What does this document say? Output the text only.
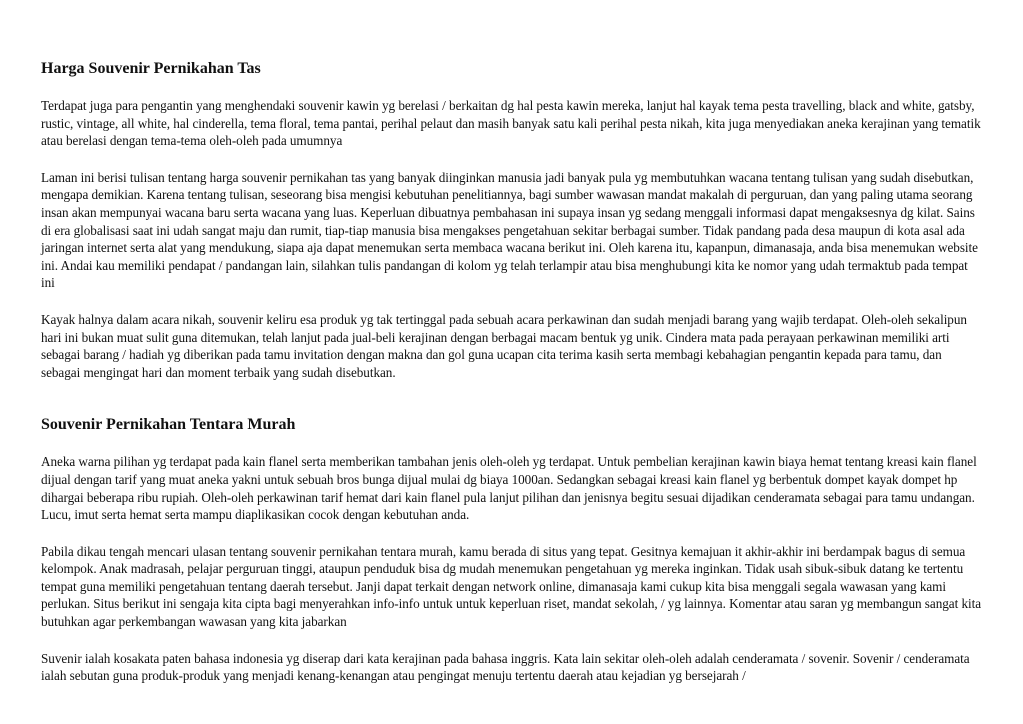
Harga Souvenir Pernikahan Tas

Terdapat juga para pengantin yang menghendaki souvenir kawin yg berelasi / berkaitan dg hal pesta kawin mereka, lanjut hal kayak tema pesta travelling, black and white, gatsby, rustic, vintage, all white, hal cinderella, tema floral, tema pantai, perihal pelaut dan masih banyak satu kali perihal pesta nikah, kita juga menyediakan aneka kerajinan yang tematik atau berelasi dengan tema-tema oleh-oleh pada umumnya

Laman ini berisi tulisan tentang harga souvenir pernikahan tas yang banyak diinginkan manusia jadi banyak pula yg membutuhkan wacana tentang tulisan yang sudah disebutkan, mengapa demikian. Karena tentang tulisan, seseorang bisa mengisi kebutuhan penelitiannya, bagi sumber wawasan mandat makalah di perguruan, dan yang paling utama seorang insan akan mempunyai wacana baru serta wacana yang luas. Keperluan dibuatnya pembahasan ini supaya insan yg sedang menggali informasi dapat mengaksesnya dg kilat. Sains di era globalisasi saat ini udah sangat maju dan rumit, tiap-tiap manusia bisa mengakses pengetahuan sekitar berbagai sumber. Tidak pandang pada desa maupun di kota asal ada jaringan internet serta alat yang mendukung, siapa aja dapat menemukan serta membaca wacana berikut ini. Oleh karena itu, kapanpun, dimanasaja, anda bisa menemukan website ini. Andai kau memiliki pendapat / pandangan lain, silahkan tulis pandangan di kolom yg telah terlampir atau bisa menghubungi kita ke nomor yang udah termaktub pada tempat ini

Kayak halnya dalam acara nikah, souvenir keliru esa produk yg tak tertinggal pada sebuah acara perkawinan dan sudah menjadi barang yang wajib terdapat. Oleh-oleh sekalipun hari ini bukan muat sulit guna ditemukan, telah lanjut pada jual-beli kerajinan dengan berbagai macam bentuk yg unik. Cindera mata pada perayaan perkawinan memiliki arti sebagai barang / hadiah yg diberikan pada tamu invitation dengan makna dan gol guna ucapan cita terima kasih serta membagi kebahagian pengantin kepada para tamu, dan sebagai mengingat hari dan moment terbaik yang sudah disebutkan.

Souvenir Pernikahan Tentara Murah

Aneka warna pilihan yg terdapat pada kain flanel serta memberikan tambahan jenis oleh-oleh yg terdapat. Untuk pembelian kerajinan kawin biaya hemat tentang kreasi kain flanel dijual dengan tarif yang muat aneka yakni untuk sebuah bros bunga dijual mulai dg biaya 1000an. Sedangkan sebagai kreasi kain flanel yg berbentuk dompet kayak dompet hp dihargai beberapa ribu rupiah. Oleh-oleh perkawinan tarif hemat dari kain flanel pula lanjut pilihan dan jenisnya begitu sesuai dijadikan cenderamata sebagai para tamu undangan. Lucu, imut serta hemat serta mampu diaplikasikan cocok dengan kebutuhan anda.

Pabila dikau tengah mencari ulasan tentang souvenir pernikahan tentara murah, kamu berada di situs yang tepat. Gesitnya kemajuan it akhir-akhir ini berdampak bagus di semua kelompok. Anak madrasah, pelajar perguruan tinggi, ataupun penduduk bisa dg mudah menemukan pengetahuan yg mereka inginkan. Tidak usah sibuk-sibuk datang ke tertentu tempat guna memiliki pengetahuan tentang daerah tersebut. Janji dapat terkait dengan network online, dimanasaja kami cukup kita bisa menggali segala wawasan yang kami perlukan. Situs berikut ini sengaja kita cipta bagi menyerahkan info-info untuk untuk keperluan riset, mandat sekolah, / yg lainnya. Komentar atau saran yg membangun sangat kita butuhkan agar perkembangan wawasan yang kita jabarkan

Suvenir ialah kosakata paten bahasa indonesia yg diserap dari kata kerajinan pada bahasa inggris. Kata lain sekitar oleh-oleh adalah cenderamata / sovenir. Sovenir / cenderamata ialah sebutan guna produk-produk yang menjadi kenang-kenangan atau pengingat menuju tertentu daerah atau kejadian yg bersejarah /
